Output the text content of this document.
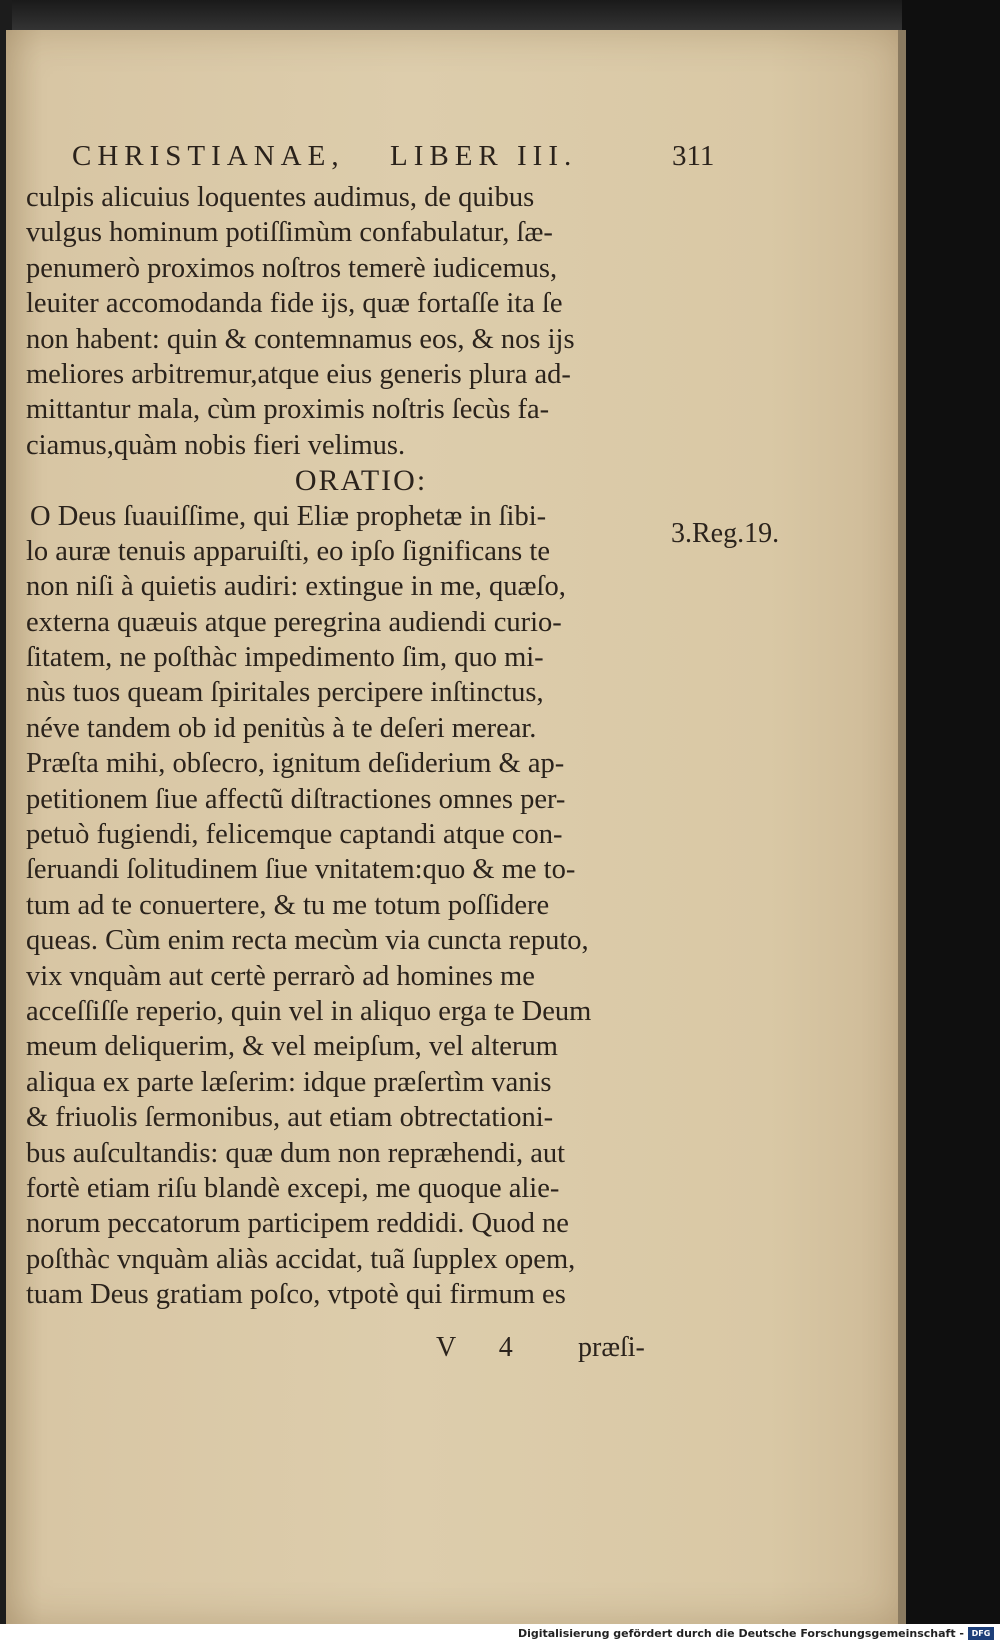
CHRISTIANAE, LIBER III.	311
culpis alicuius loquentes audimus, de quibus
vulgus hominum potiſſimùm confabulatur, ſæ-
penumerò proximos noſtros temerè iudicemus,
leuiter accomodanda fide ijs, quæ fortaſſe ita ſe
non habent: quin & contemnamus eos, & nos ijs
meliores arbitremur,atque eius generis plura ad-
mittantur mala, cùm proximis noſtris ſecùs fa-
ciamus,quàm nobis fieri velimus.
ORATIO:
O Deus ſuauiſſime, qui Eliæ prophetæ in ſibi-
lo auræ tenuis apparuiſti, eo ipſo ſignificans te
non niſi à quietis audiri: extingue in me, quæſo,
externa quæuis atque peregrina audiendi curio-
ſitatem, ne poſthàc impedimento ſim, quo mi-
nùs tuos queam ſpiritales percipere inſtinctus,
néve tandem ob id penitùs à te deſeri merear.
Præſta mihi, obſecro, ignitum deſiderium & ap-
petitionem ſiue affectũ diſtractiones omnes per-
petuò fugiendi, felicemque captandi atque con-
ſeruandi ſolitudinem ſiue vnitatem:quo & me to-
tum ad te conuertere, & tu me totum poſſidere
queas. Cùm enim recta mecùm via cuncta reputo,
vix vnquàm aut certè perrarò ad homines me
acceſſiſſe reperio, quin vel in aliquo erga te Deum
meum deliquerim, & vel meipſum, vel alterum
aliqua ex parte læſerim: idque præſertìm vanis
& friuolis ſermonibus, aut etiam obtrectationi-
bus auſcultandis: quæ dum non repræhendi, aut
fortè etiam riſu blandè excepi, me quoque alie-
norum peccatorum participem reddidi. Quod ne
poſthàc vnquàm aliàs accidat, tuã ſupplex opem,
tuam Deus gratiam poſco, vtpotè qui firmum es
3.Reg.19.
V 4 præſi-
Digitalisierung gefördert durch die Deutsche Forschungsgemeinschaft - DFG
